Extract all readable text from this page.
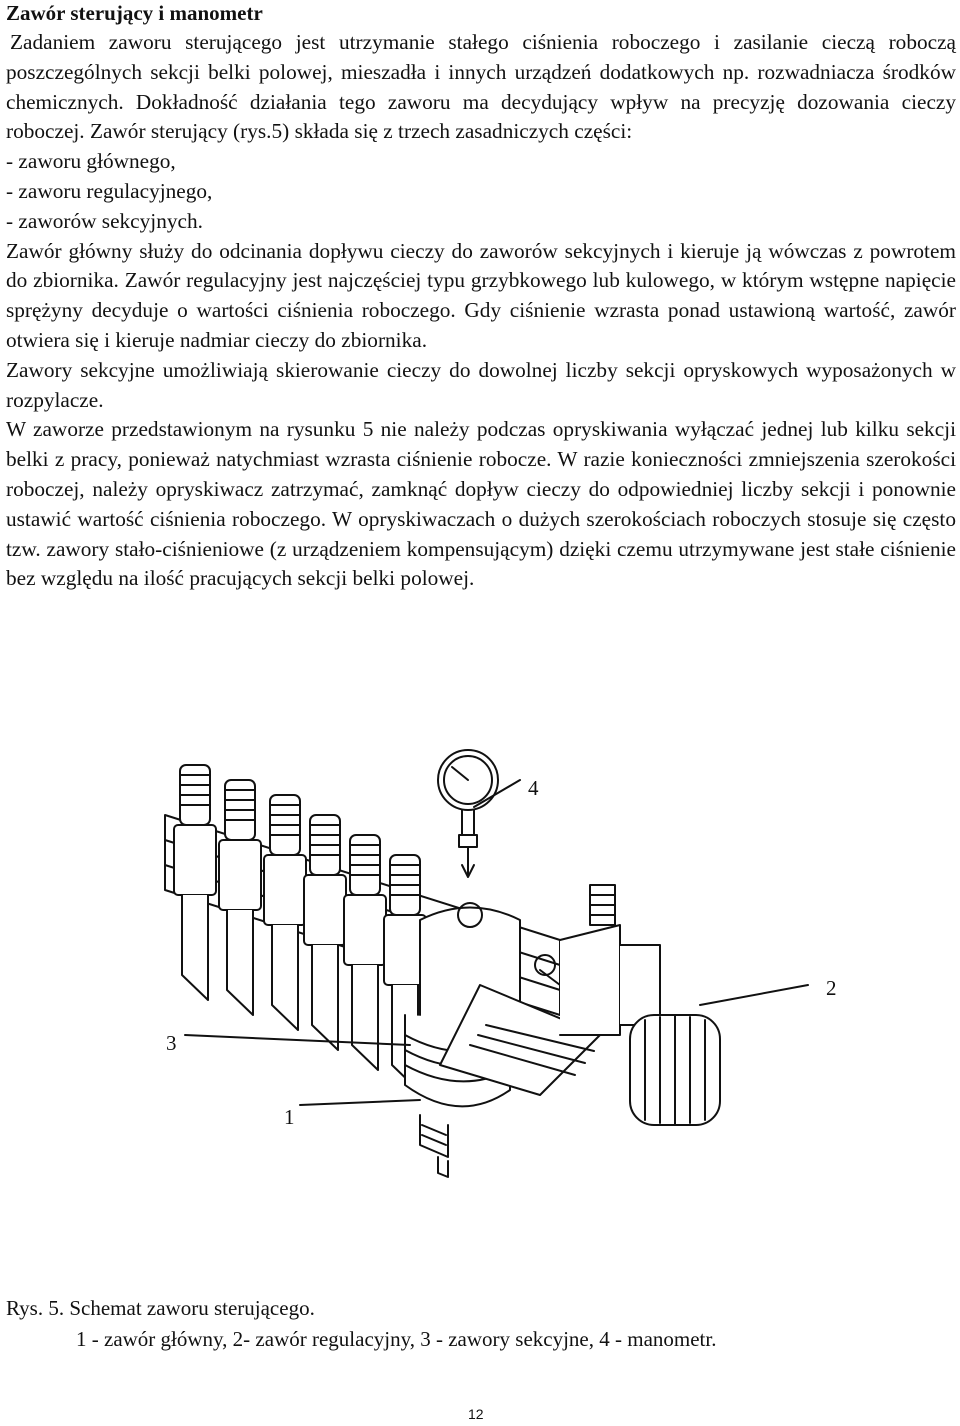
Zawór sterujący i manometr

Zadaniem zaworu sterującego jest utrzymanie stałego ciśnienia roboczego i zasilanie cieczą roboczą poszczególnych sekcji belki polowej, mieszadła i innych urządzeń dodatkowych np. rozwadniacza środków chemicznych. Dokładność działania tego zaworu ma decydujący wpływ na precyzję dozowania cieczy roboczej. Zawór sterujący (rys.5) składa się z trzech zasadniczych części:

- zaworu głównego,

- zaworu regulacyjnego,

- zaworów sekcyjnych.

Zawór główny służy do odcinania dopływu cieczy do zaworów sekcyjnych i kieruje ją wówczas z powrotem do zbiornika. Zawór regulacyjny jest najczęściej typu grzybkowego lub kulowego, w którym wstępne napięcie sprężyny decyduje o wartości ciśnienia roboczego. Gdy ciśnienie wzrasta ponad ustawioną wartość, zawór otwiera się i kieruje nadmiar cieczy do zbiornika.

Zawory sekcyjne umożliwiają skierowanie cieczy do dowolnej liczby sekcji opryskowych wyposażonych w rozpylacze.

W zaworze przedstawionym na rysunku 5 nie należy podczas opryskiwania wyłączać jednej lub kilku sekcji belki z pracy, ponieważ natychmiast wzrasta ciśnienie robocze. W razie konieczności zmniejszenia szerokości roboczej, należy opryskiwacz zatrzymać, zamknąć dopływ cieczy do odpowiedniej liczby sekcji i ponownie ustawić wartość ciśnienia roboczego. W opryskiwaczach o dużych szerokościach roboczych stosuje się często tzw. zawory stało-ciśnieniowe (z urządzeniem kompensującym) dzięki czemu utrzymywane jest stałe ciśnienie bez względu na ilość pracujących sekcji belki polowej.

4
2
3
1
Rys. 5. Schemat zaworu sterującego.
1 - zawór główny, 2- zawór regulacyjny, 3 - zawory sekcyjne, 4 - manometr.
12
